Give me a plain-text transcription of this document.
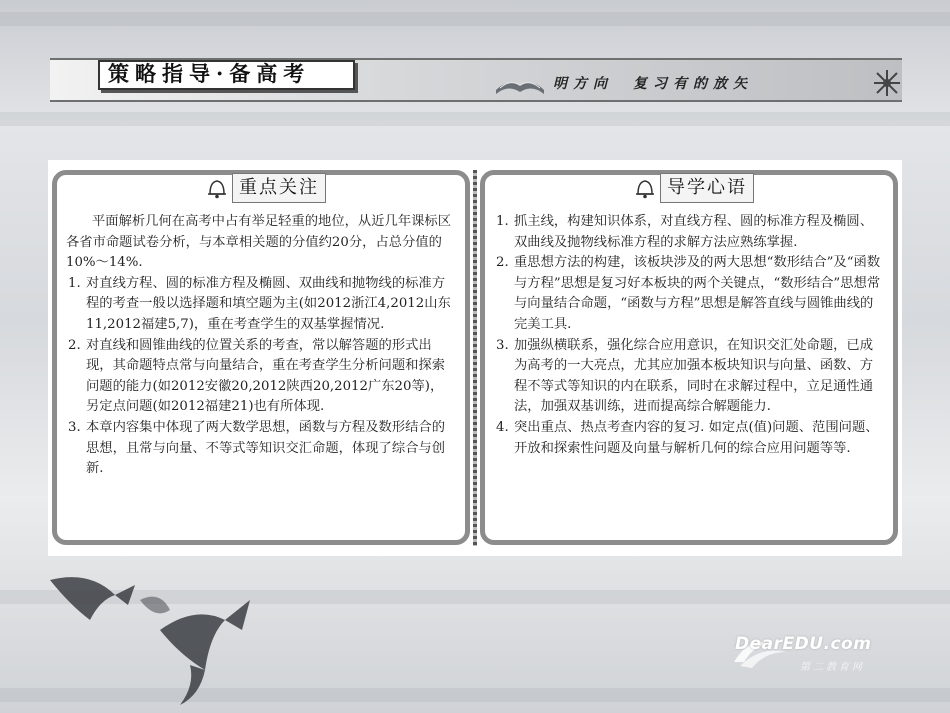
策略指导·备高考	明方向　复习有的放矢
重点关注	导学心语

平面解析几何在高考中占有举足轻重的地位，从近几年课标区各省市命题试卷分析，与本章相关题的分值约20分，占总分值的10%～14%.

1. 对直线方程、圆的标准方程及椭圆、双曲线和抛物线的标准方程的考查一般以选择题和填空题为主(如2012浙江4,2012山东11,2012福建5,7)，重在考查学生的双基掌握情况.
2. 对直线和圆锥曲线的位置关系的考查，常以解答题的形式出现，其命题特点常与向量结合，重在考查学生分析问题和探索问题的能力(如2012安徽20,2012陕西20,2012广东20等)，另定点问题(如2012福建21)也有所体现.
3. 本章内容集中体现了两大数学思想，函数与方程及数形结合的思想，且常与向量、不等式等知识交汇命题，体现了综合与创新.
1. 抓主线，构建知识体系，对直线方程、圆的标准方程及椭圆、双曲线及抛物线标准方程的求解方法应熟练掌握.
2. 重思想方法的构建，该板块涉及的两大思想“数形结合”及“函数与方程”思想是复习好本板块的两个关键点，“数形结合”思想常与向量结合命题，“函数与方程”思想是解答直线与圆锥曲线的完美工具.
3. 加强纵横联系，强化综合应用意识，在知识交汇处命题，已成为高考的一大亮点，尤其应加强本板块知识与向量、函数、方程不等式等知识的内在联系，同时在求解过程中，立足通性通法，加强双基训练，进而提高综合解题能力.
4. 突出重点、热点考查内容的复习. 如定点(值)问题、范围问题、开放和探索性问题及向量与解析几何的综合应用问题等等.
DearEDU.com
第二教育网
